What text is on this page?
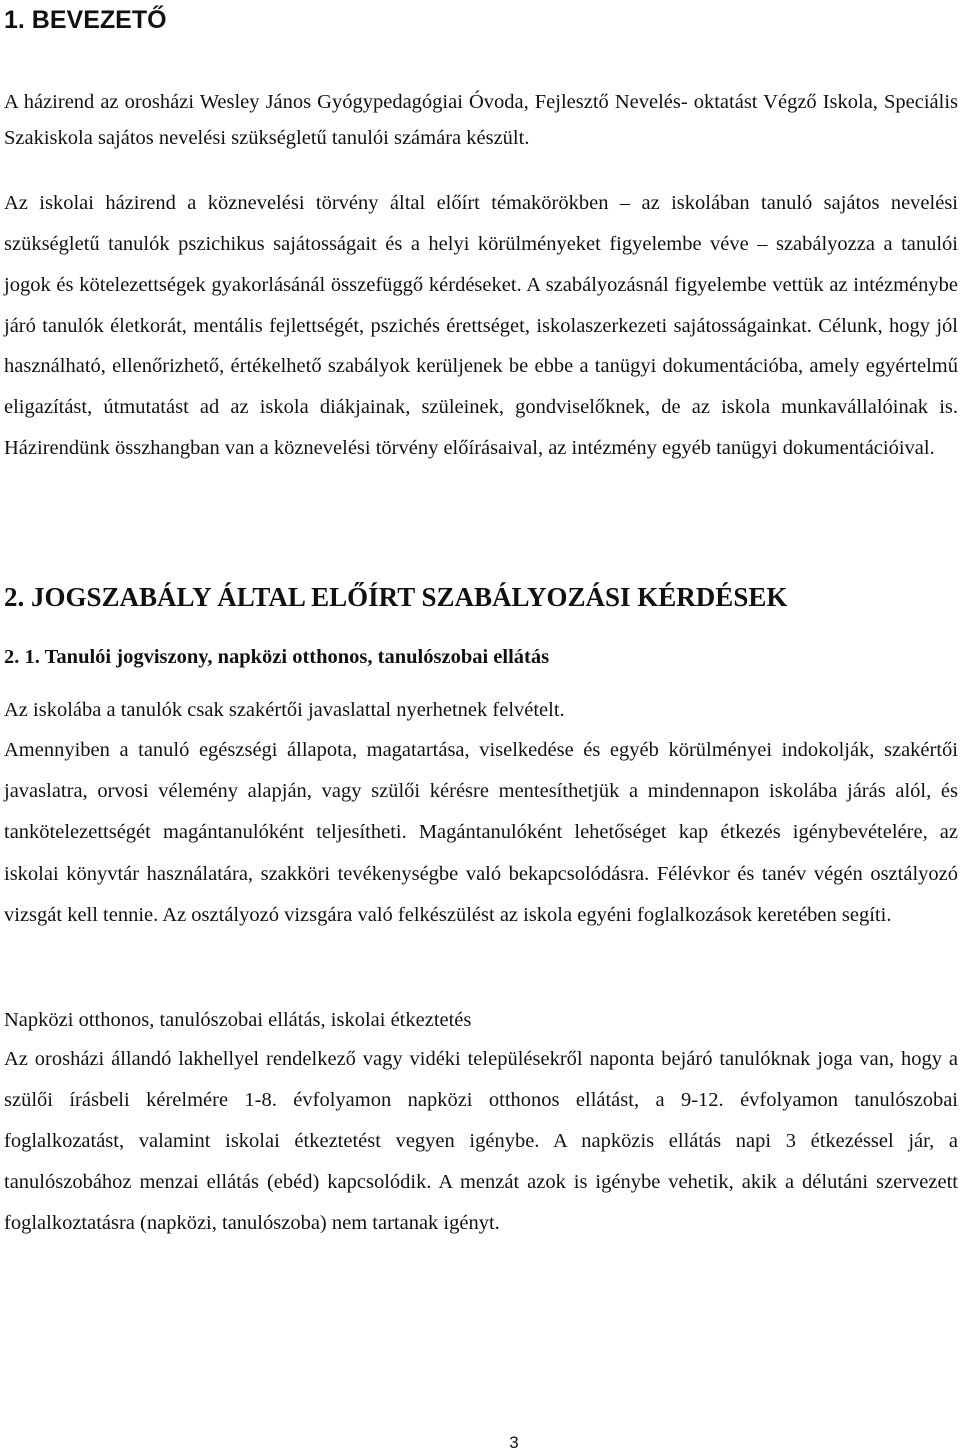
1. BEVEZETŐ

A házirend az orosházi Wesley János Gyógypedagógiai Óvoda, Fejlesztő Nevelés- oktatást Végző Iskola, Speciális Szakiskola sajátos nevelési szükségletű tanulói számára készült.

Az iskolai házirend a köznevelési törvény által előírt témakörökben – az iskolában tanuló sajátos nevelési szükségletű tanulók pszichikus sajátosságait és a helyi körülményeket figyelembe véve – szabályozza a tanulói jogok és kötelezettségek gyakorlásánál összefüggő kérdéseket. A szabályozásnál figyelembe vettük az intézménybe járó tanulók életkorát, mentális fejlettségét, pszichés érettséget, iskolaszerkezeti sajátosságainkat. Célunk, hogy jól használható, ellenőrizhető, értékelhető szabályok kerüljenek be ebbe a tanügyi dokumentációba, amely egyértelmű eligazítást, útmutatást ad az iskola diákjainak, szüleinek, gondviselőknek, de az iskola munkavállalóinak is. Házirendünk összhangban van a köznevelési törvény előírásaival, az intézmény egyéb tanügyi dokumentációival.

2. JOGSZABÁLY ÁLTAL ELŐÍRT SZABÁLYOZÁSI KÉRDÉSEK
2. 1. Tanulói jogviszony, napközi otthonos, tanulószobai ellátás

Az iskolába a tanulók csak szakértői javaslattal nyerhetnek felvételt.

Amennyiben a tanuló egészségi állapota, magatartása, viselkedése és egyéb körülményei indokolják, szakértői javaslatra, orvosi vélemény alapján, vagy szülői kérésre mentesíthetjük a mindennapon iskolába járás alól, és tankötelezettségét magántanulóként teljesítheti. Magántanulóként lehetőséget kap étkezés igénybevételére, az iskolai könyvtár használatára, szakköri tevékenységbe való bekapcsolódásra. Félévkor és tanév végén osztályozó vizsgát kell tennie. Az osztályozó vizsgára való felkészülést az iskola egyéni foglalkozások keretében segíti.

Napközi otthonos, tanulószobai ellátás, iskolai étkeztetés

Az orosházi állandó lakhellyel rendelkező vagy vidéki településekről naponta bejáró tanulóknak joga van, hogy a szülői írásbeli kérelmére 1-8. évfolyamon napközi otthonos ellátást, a 9-12. évfolyamon tanulószobai foglalkozatást, valamint iskolai étkeztetést vegyen igénybe. A napközis ellátás napi 3 étkezéssel jár, a tanulószobához menzai ellátás (ebéd) kapcsolódik. A menzát azok is igénybe vehetik, akik a délutáni szervezett foglalkoztatásra (napközi, tanulószoba) nem tartanak igényt.

3
